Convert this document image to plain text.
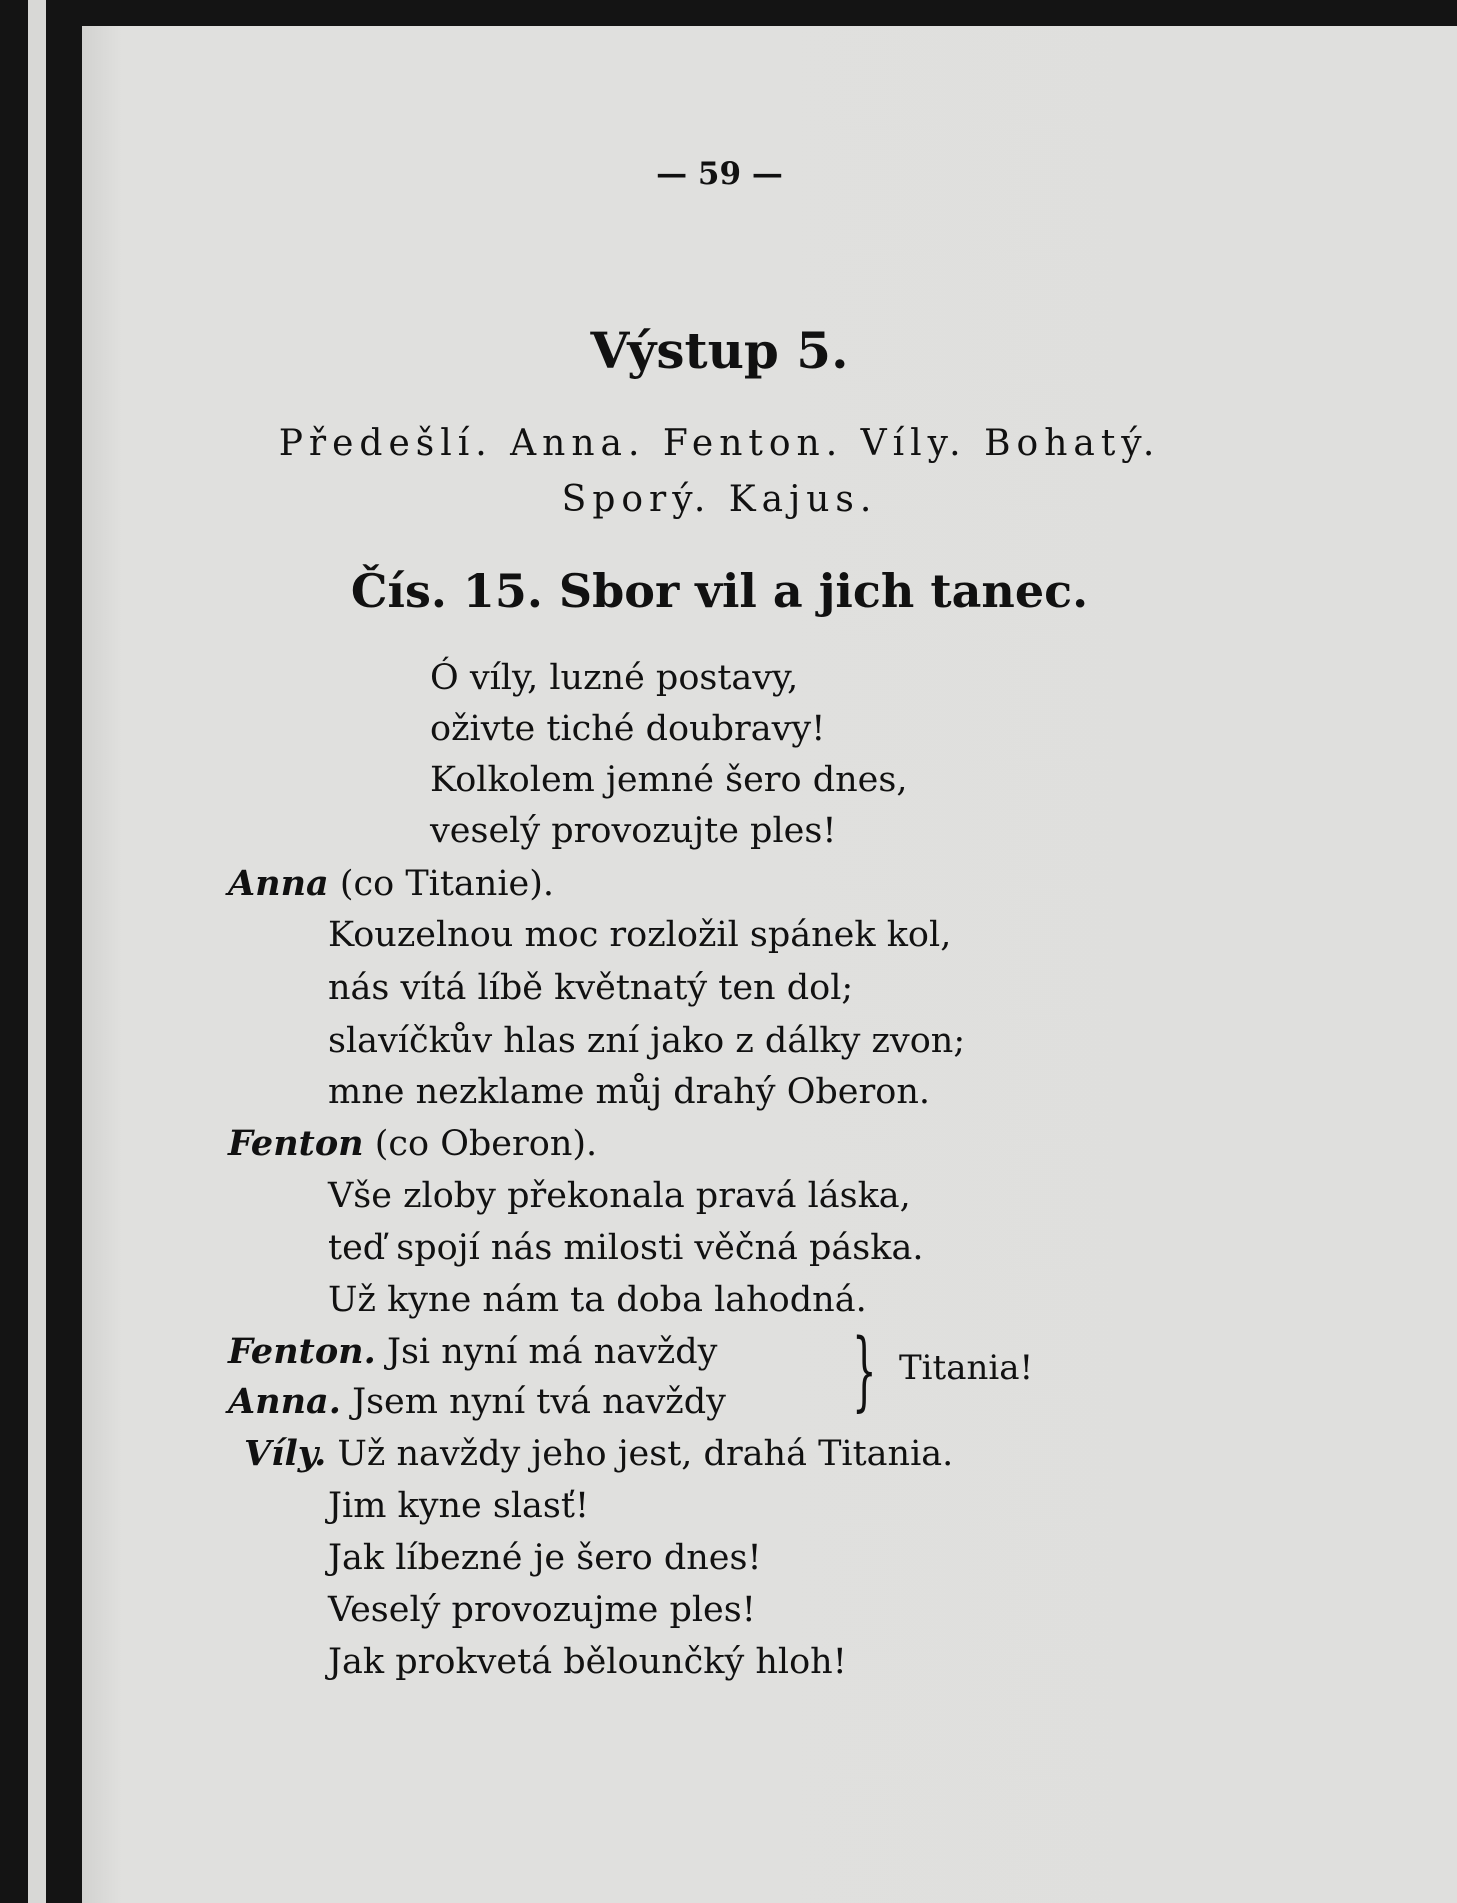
— 59 —
Výstup 5.
Předešlí. Anna. Fenton. Víly. Bohatý.
Sporý. Kajus.
Čís. 15. Sbor vil a jich tanec.
Ó víly, luzné postavy,
oživte tiché doubravy!
Kolkolem jemné šero dnes,
veselý provozujte ples!
Anna (co Titanie).
Kouzelnou moc rozložil spánek kol,
nás vítá líbě květnatý ten dol;
slavíčkův hlas zní jako z dálky zvon;
mne nezklame můj drahý Oberon.
Fenton (co Oberon).
Vše zloby překonala pravá láska,
teď spojí nás milosti věčná páska.
Už kyne nám ta doba lahodná.
Fenton. Jsi nyní má navždy
Anna. Jsem nyní tvá navždy } Titania!
Víly. Už navždy jeho jest, drahá Titania.
Jim kyne slasť!
Jak líbezné je šero dnes!
Veselý provozujme ples!
Jak prokvetá bělounčký hloh!
